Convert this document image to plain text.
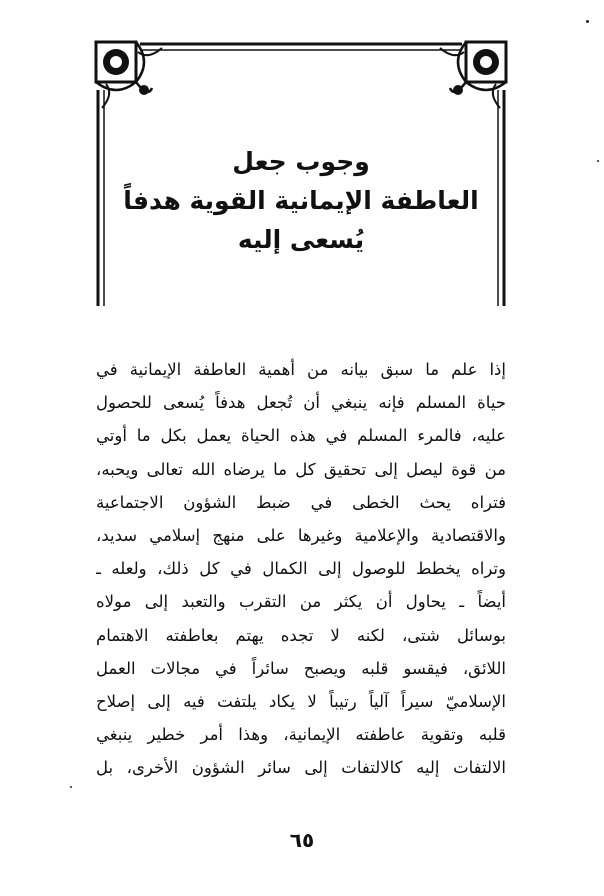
وجوب جعل
العاطفة الإيمانية القوية هدفاً
يُسعى إليه
إذا علم ما سبق بيانه من أهمية العاطفة الإيمانية في
حياة المسلم فإنه ينبغي أن تُجعل هدفاً يُسعى للحصول
عليه، فالمرء المسلم في هذه الحياة يعمل بكل ما أوتي
من قوة ليصل إلى تحقيق كل ما يرضاه الله تعالى ويحبه،
فتراه يحث الخطى في ضبط الشؤون الاجتماعية
والاقتصادية والإعلامية وغيرها على منهج إسلامي سديد،
وتراه يخطط للوصول إلى الكمال في كل ذلك، ولعله ـ
أيضاً ـ يحاول أن يكثر من التقرب والتعبد إلى مولاه
بوسائل شتى، لكنه لا تجده يهتم بعاطفته الاهتمام
اللائق، فيقسو قلبه ويصبح سائراً في مجالات العمل
الإسلاميّ سيراً آلياً رتيباً لا يكاد يلتفت فيه إلى إصلاح
قلبه وتقوية عاطفته الإيمانية، وهذا أمر خطير ينبغي
الالتفات إليه كالالتفات إلى سائر الشؤون الأخرى، بل
٦٥
